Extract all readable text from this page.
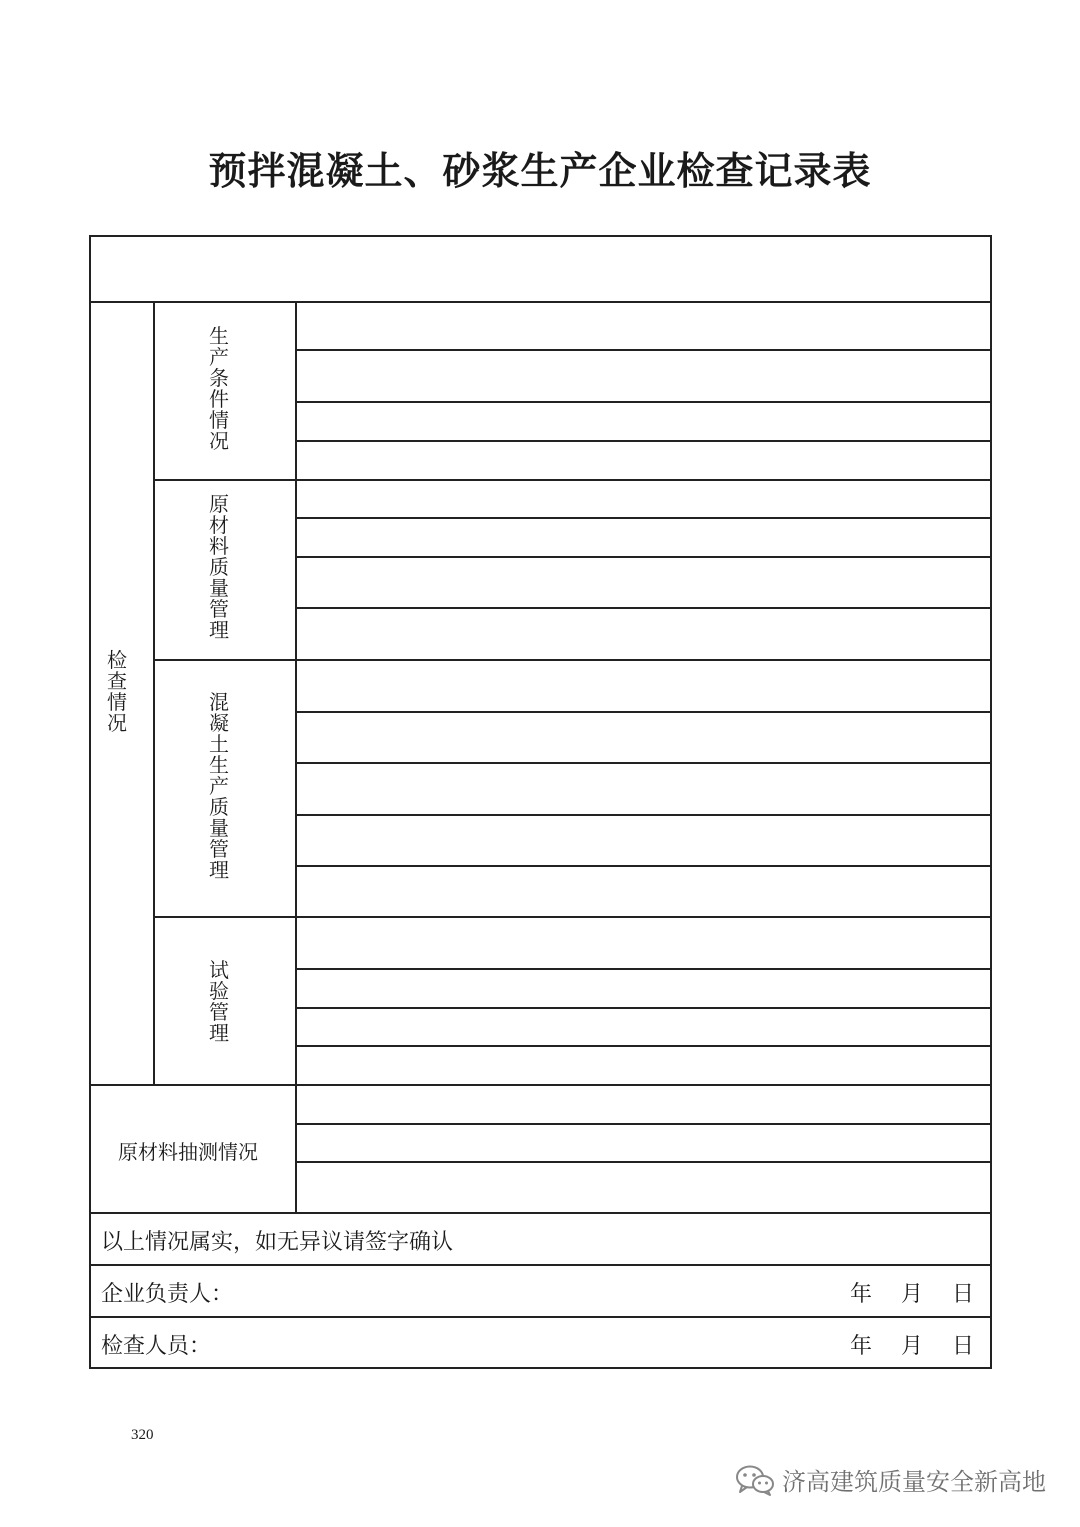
预拌混凝土、砂浆生产企业检查记录表
检
查
情
况
生
产
条
件
情
况
原
材
料
质
量
管
理
混
凝
土
生
产
质
量
管
理
试
验
管
理
原材料抽测情况
以上情况属实，如无异议请签字确认
企业负责人：	年 月 日
检查人员：	年 月 日
320
济高建筑质量安全新高地
